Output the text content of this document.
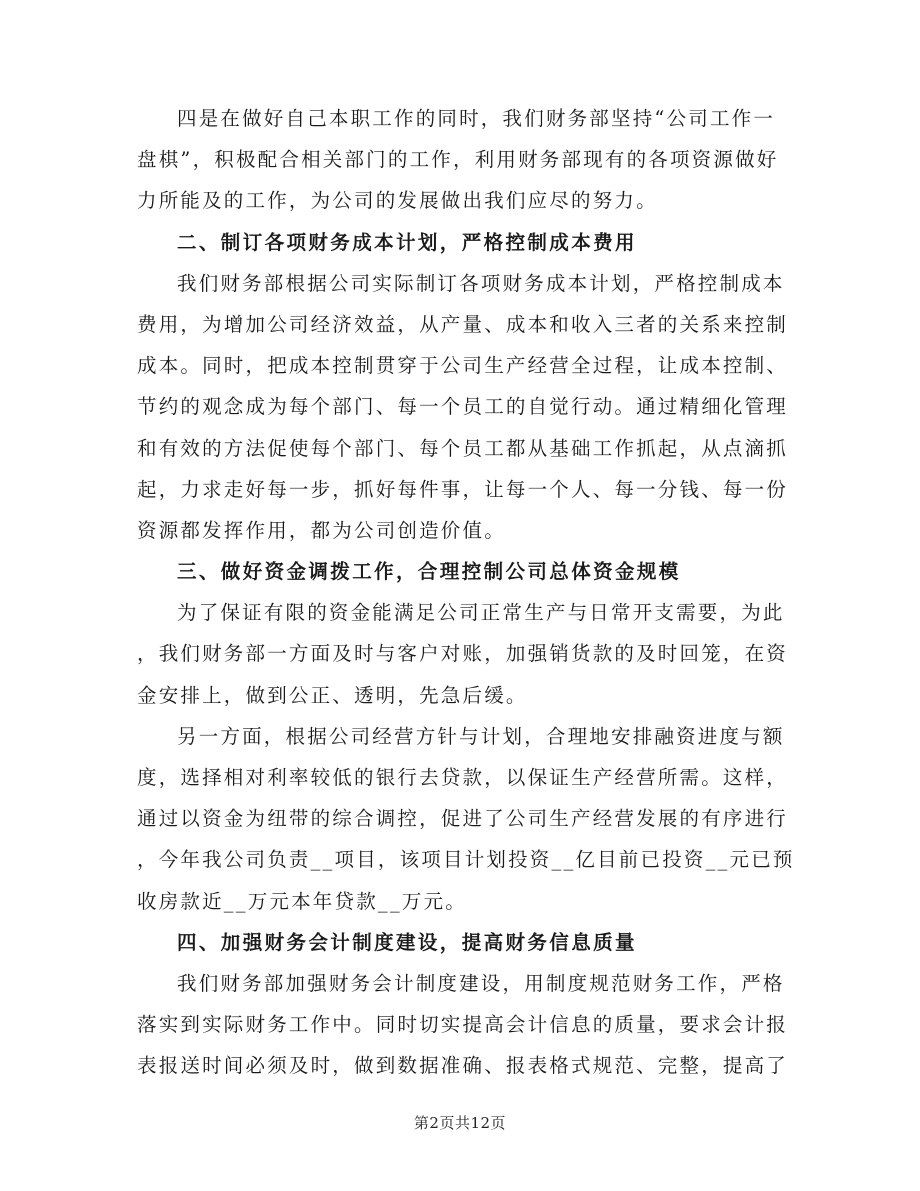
四是在做好自己本职工作的同时，我们财务部坚持“公司工作一
盘棋”，积极配合相关部门的工作，利用财务部现有的各项资源做好
力所能及的工作，为公司的发展做出我们应尽的努力。
二、制订各项财务成本计划，严格控制成本费用
我们财务部根据公司实际制订各项财务成本计划，严格控制成本
费用，为增加公司经济效益，从产量、成本和收入三者的关系来控制
成本。同时，把成本控制贯穿于公司生产经营全过程，让成本控制、
节约的观念成为每个部门、每一个员工的自觉行动。通过精细化管理
和有效的方法促使每个部门、每个员工都从基础工作抓起，从点滴抓
起，力求走好每一步，抓好每件事，让每一个人、每一分钱、每一份
资源都发挥作用，都为公司创造价值。
三、做好资金调拨工作，合理控制公司总体资金规模
为了保证有限的资金能满足公司正常生产与日常开支需要，为此
，我们财务部一方面及时与客户对账，加强销货款的及时回笼，在资
金安排上，做到公正、透明，先急后缓。
另一方面，根据公司经营方针与计划，合理地安排融资进度与额
度，选择相对利率较低的银行去贷款，以保证生产经营所需。这样，
通过以资金为纽带的综合调控，促进了公司生产经营发展的有序进行
，今年我公司负责__项目，该项目计划投资__亿目前已投资__元已预
收房款近__万元本年贷款__万元。
四、加强财务会计制度建设，提高财务信息质量
我们财务部加强财务会计制度建设，用制度规范财务工作，严格
落实到实际财务工作中。同时切实提高会计信息的质量，要求会计报
表报送时间必须及时，做到数据准确、报表格式规范、完整，提高了
第2页共12页
